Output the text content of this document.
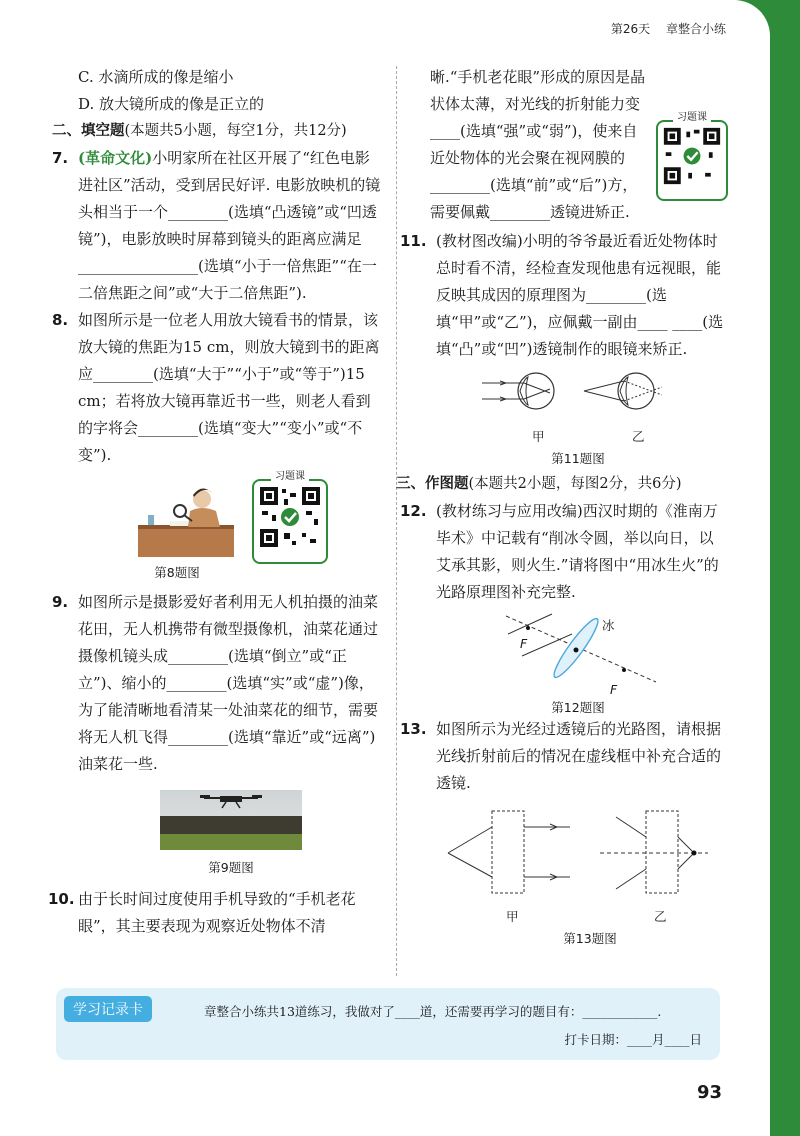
第26天 章整合小练

C. 水滴所成的像是缩小

D. 放大镜所成的像是正立的

二、填空题(本题共5小题，每空1分，共12分)

7. (革命文化)小明家所在社区开展了“红色电影进社区”活动，受到居民好评. 电影放映机的镜头相当于一个________(选填“凸透镜”或“凹透镜”)，电影放映时屏幕到镜头的距离应满足________________(选填“小于一倍焦距”“在一二倍焦距之间”或“大于二倍焦距”).
8. 如图所示是一位老人用放大镜看书的情景，该放大镜的焦距为15 cm，则放大镜到书的距离应________(选填“大于”“小于”或“等于”)15 cm；若将放大镜再靠近书一些，则老人看到的字将会________(选填“变大”“变小”或“不变”).
习题课
第8题图
9. 如图所示是摄影爱好者利用无人机拍摄的油菜花田，无人机携带有微型摄像机，油菜花通过摄像机镜头成________(选填“倒立”或“正立”)、缩小的________(选填“实”或“虚”)像，为了能清晰地看清某一处油菜花的细节，需要将无人机飞得________(选填“靠近”或“远离”)油菜花一些.
第9题图
10. 由于长时间过度使用手机导致的“手机老花眼”，其主要表现为观察近处物体不清
习题课

晰.“手机老花眼”形成的原因是晶状体太薄，对光线的折射能力变____(选填“强”或“弱”)，使来自近处物体的光会聚在视网膜的________(选填“前”或“后”)方，需要佩戴________透镜进矫正.

11. (教材图改编)小明的爷爷最近看近处物体时总时看不清，经检查发现他患有远视眼，能反映其成因的原理图为________(选填“甲”或“乙”)，应佩戴一副由____ ____(选填“凸”或“凹”)透镜制作的眼镜来矫正.
甲	乙
第11题图

三、作图题(本题共2小题，每图2分，共6分)

12. (教材练习与应用改编)西汉时期的《淮南万毕术》中记载有“削冰令圆，举以向日，以艾承其影，则火生.”请将图中“用冰生火”的光路原理图补充完整.
冰
F
F
第12题图
13. 如图所示为光经过透镜后的光路图，请根据光线折射前后的情况在虚线框中补充合适的透镜.
甲	乙
第13题图
学习记录卡	章整合小练共13道练习，我做对了____道，还需要再学习的题目有：____________.
打卡日期：____月____日
93
